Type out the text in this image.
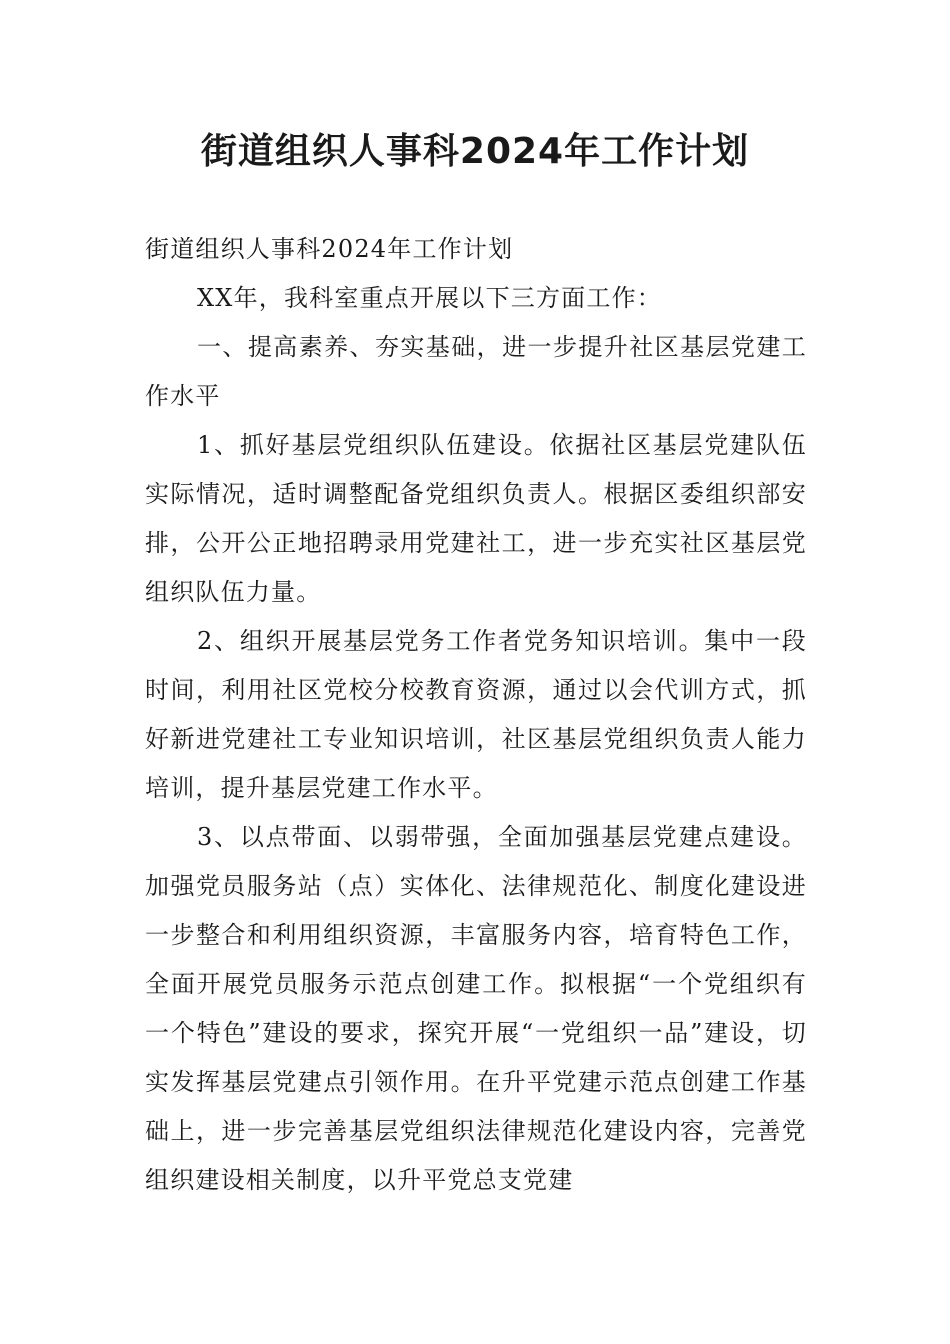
街道组织人事科2024年工作计划

街道组织人事科2024年工作计划

XX年，我科室重点开展以下三方面工作：

一、提高素养、夯实基础，进一步提升社区基层党建工作水平

1、抓好基层党组织队伍建设。依据社区基层党建队伍实际情况，适时调整配备党组织负责人。根据区委组织部安排，公开公正地招聘录用党建社工，进一步充实社区基层党组织队伍力量。

2、组织开展基层党务工作者党务知识培训。集中一段时间，利用社区党校分校教育资源，通过以会代训方式，抓好新进党建社工专业知识培训，社区基层党组织负责人能力培训，提升基层党建工作水平。

3、以点带面、以弱带强，全面加强基层党建点建设。加强党员服务站（点）实体化、法律规范化、制度化建设进一步整合和利用组织资源，丰富服务内容，培育特色工作，全面开展党员服务示范点创建工作。拟根据“一个党组织有一个特色”建设的要求，探究开展“一党组织一品”建设，切实发挥基层党建点引领作用。在升平党建示范点创建工作基础上，进一步完善基层党组织法律规范化建设内容，完善党组织建设相关制度，以升平党总支党建
